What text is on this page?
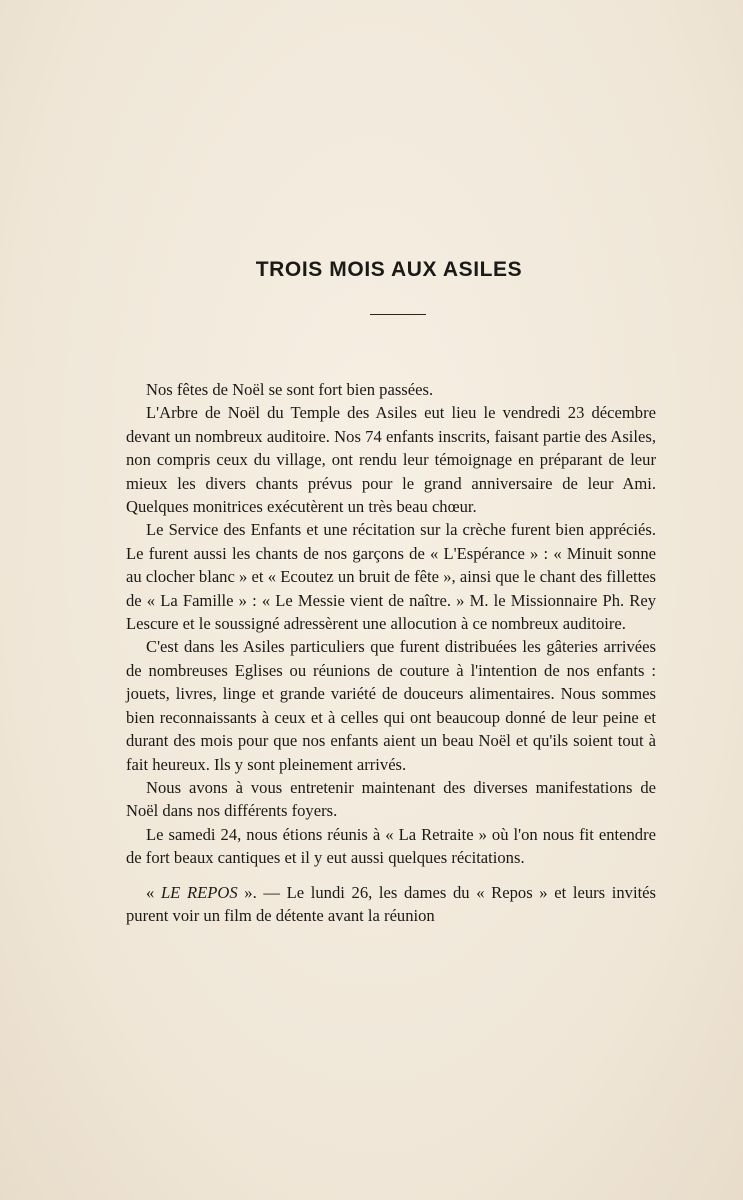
TROIS MOIS AUX ASILES

Nos fêtes de Noël se sont fort bien passées.

L'Arbre de Noël du Temple des Asiles eut lieu le vendredi 23 décembre devant un nombreux auditoire. Nos 74 enfants inscrits, faisant partie des Asiles, non compris ceux du village, ont rendu leur témoignage en préparant de leur mieux les divers chants prévus pour le grand anniversaire de leur Ami. Quelques monitrices exécutèrent un très beau chœur.

Le Service des Enfants et une récitation sur la crèche furent bien appréciés. Le furent aussi les chants de nos garçons de « L'Espérance » : « Minuit sonne au clocher blanc » et « Ecoutez un bruit de fête », ainsi que le chant des fillettes de « La Famille » : « Le Messie vient de naître. » M. le Missionnaire Ph. Rey Lescure et le soussigné adressèrent une allocution à ce nombreux auditoire.

C'est dans les Asiles particuliers que furent distribuées les gâteries arrivées de nombreuses Eglises ou réunions de couture à l'intention de nos enfants : jouets, livres, linge et grande variété de douceurs alimentaires. Nous sommes bien reconnaissants à ceux et à celles qui ont beaucoup donné de leur peine et durant des mois pour que nos enfants aient un beau Noël et qu'ils soient tout à fait heureux. Ils y sont pleinement arrivés.

Nous avons à vous entretenir maintenant des diverses manifestations de Noël dans nos différents foyers.

Le samedi 24, nous étions réunis à « La Retraite » où l'on nous fit entendre de fort beaux cantiques et il y eut aussi quelques récitations.

« LE REPOS ». — Le lundi 26, les dames du « Repos » et leurs invités purent voir un film de détente avant la réunion
